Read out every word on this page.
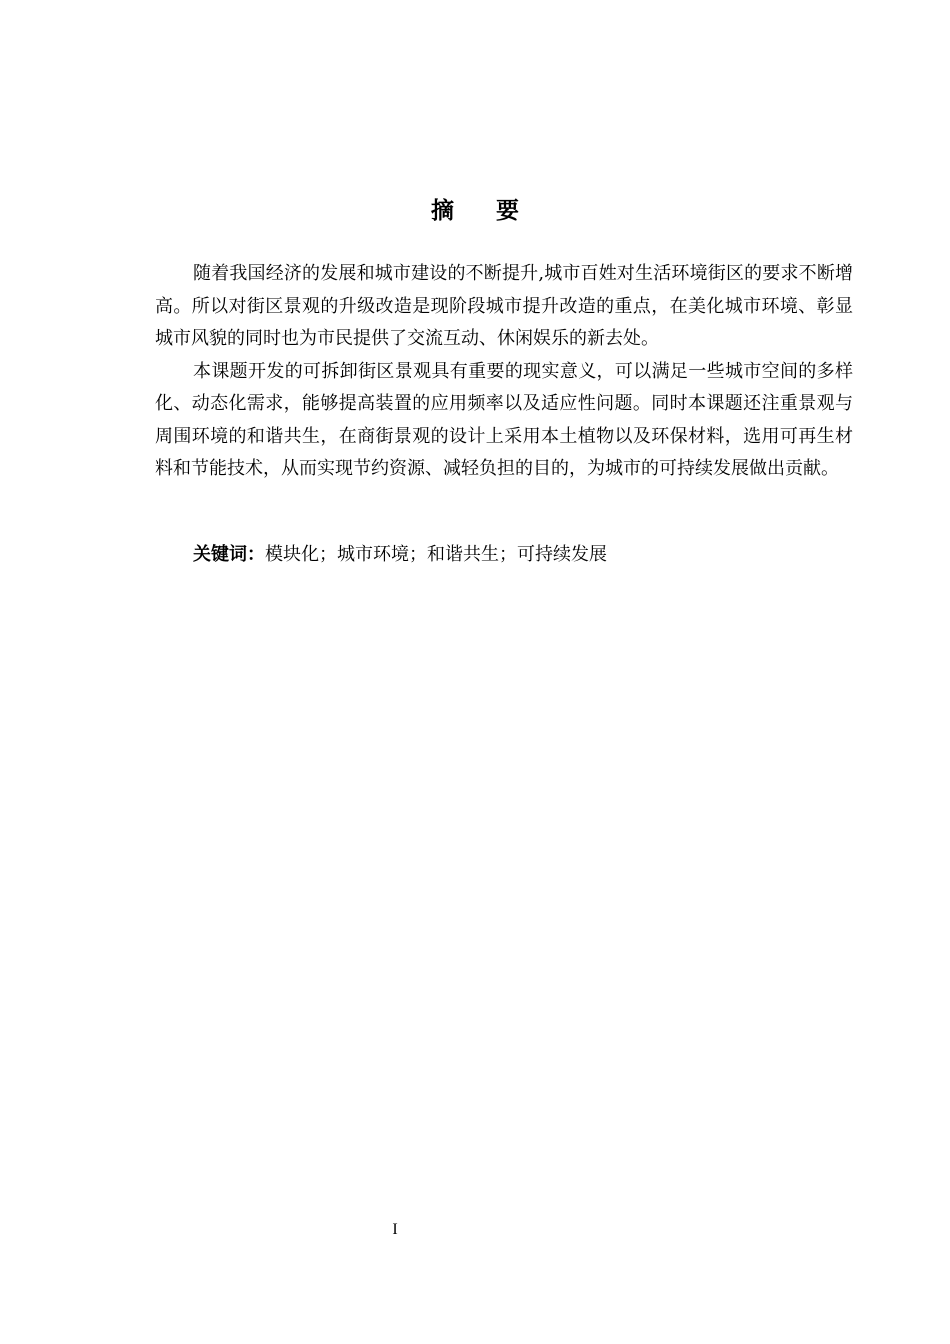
摘 要

随着我国经济的发展和城市建设的不断提升,城市百姓对生活环境街区的要求不断增高。所以对街区景观的升级改造是现阶段城市提升改造的重点，在美化城市环境、彰显城市风貌的同时也为市民提供了交流互动、休闲娱乐的新去处。

本课题开发的可拆卸街区景观具有重要的现实意义，可以满足一些城市空间的多样化、动态化需求，能够提高装置的应用频率以及适应性问题。同时本课题还注重景观与周围环境的和谐共生，在商街景观的设计上采用本土植物以及环保材料，选用可再生材料和节能技术，从而实现节约资源、减轻负担的目的，为城市的可持续发展做出贡献。

关键词：模块化；城市环境；和谐共生；可持续发展

I
